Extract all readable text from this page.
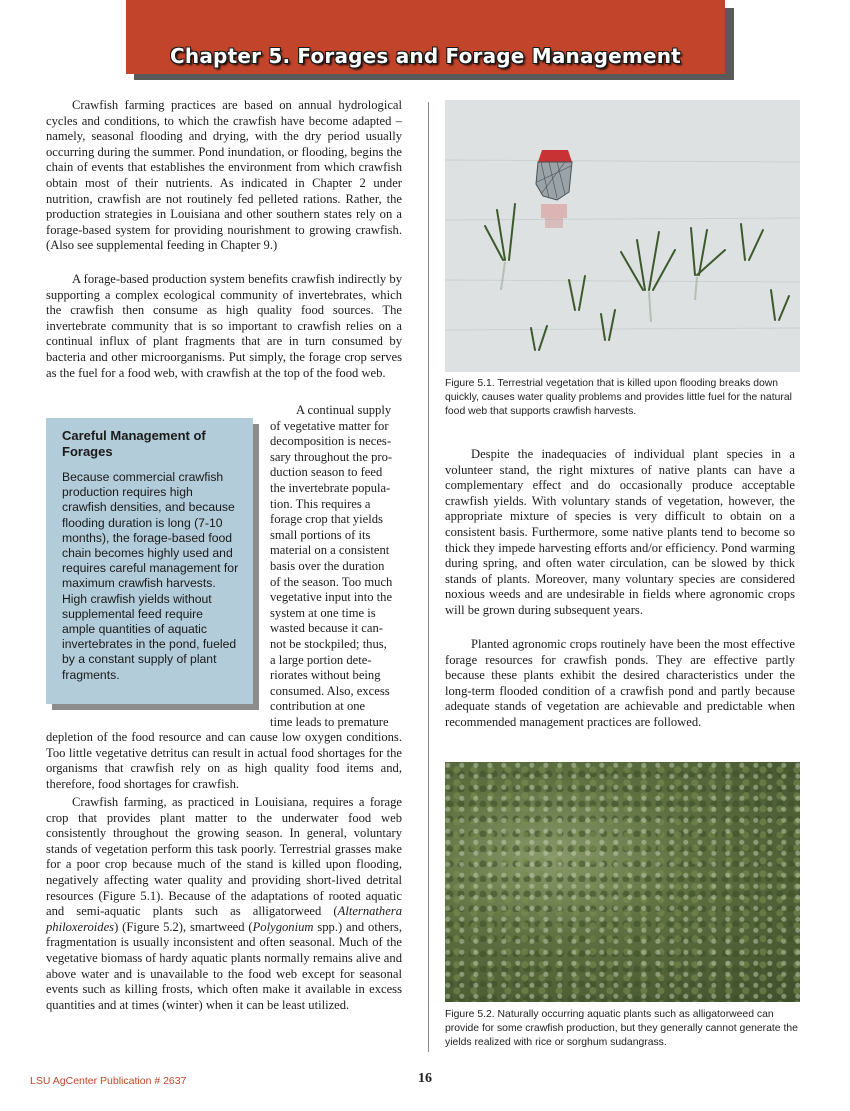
Chapter 5. Forages and Forage Management

Crawfish farming practices are based on annual hydrological cycles and conditions, to which the crawfish have become adapted – namely, seasonal flooding and drying, with the dry period usually occurring during the summer. Pond inundation, or flooding, begins the chain of events that establishes the environment from which crawfish obtain most of their nutrients. As indicated in Chapter 2 under nutrition, crawfish are not routinely fed pelleted rations. Rather, the production strategies in Louisiana and other southern states rely on a forage-based system for providing nourishment to growing crawfish. (Also see supplemental feeding in Chapter 9.)

A forage-based production system benefits crawfish indirectly by supporting a complex ecological community of invertebrates, which the crawfish then consume as high quality food sources. The invertebrate community that is so important to crawfish relies on a continual influx of plant fragments that are in turn consumed by bacteria and other microorganisms. Put simply, the forage crop serves as the fuel for a food web, with crawfish at the top of the food web.

A continual supply
of vegetative matter for
decomposition is neces-
sary throughout the pro-
duction season to feed
the invertebrate popula-
tion. This requires a
forage crop that yields
small portions of its
material on a consistent
basis over the duration
of the season. Too much
vegetative input into the
system at one time is
wasted because it can-
not be stockpiled; thus,
a large portion dete-
riorates without being
consumed. Also, excess
contribution at one
time leads to premature

Careful Management of Forages

Because commercial crawfish production requires high crawfish densities, and because flooding duration is long (7-10 months), the forage-based food chain becomes highly used and requires careful management for maximum crawfish harvests. High crawfish yields without supplemental feed require ample quantities of aquatic invertebrates in the pond, fueled by a constant supply of plant fragments.

depletion of the food resource and can cause low oxygen conditions. Too little vegetative detritus can result in actual food shortages for the organisms that crawfish rely on as high quality food items and, therefore, food shortages for crawfish.

Crawfish farming, as practiced in Louisiana, requires a forage crop that provides plant matter to the underwater food web consistently throughout the growing season. In general, voluntary stands of vegetation perform this task poorly. Terrestrial grasses make for a poor crop because much of the stand is killed upon flooding, negatively affecting water quality and providing short-lived detrital resources (Figure 5.1). Because of the adaptations of rooted aquatic and semi-aquatic plants such as alligatorweed (Alternathera philoxeroides) (Figure 5.2), smartweed (Polygonium spp.) and others, fragmentation is usually inconsistent and often seasonal. Much of the vegetative biomass of hardy aquatic plants normally remains alive and above water and is unavailable to the food web except for seasonal events such as killing frosts, which often make it available in excess quantities and at times (winter) when it can be least utilized.

Figure 5.1. Terrestrial vegetation that is killed upon flooding breaks down quickly, causes water quality problems and provides little fuel for the natural food web that supports crawfish harvests.

Despite the inadequacies of individual plant species in a volunteer stand, the right mixtures of native plants can have a complementary effect and do occasionally produce acceptable crawfish yields. With voluntary stands of vegetation, however, the appropriate mixture of species is very difficult to obtain on a consistent basis. Furthermore, some native plants tend to become so thick they impede harvesting efforts and/or efficiency. Pond warming during spring, and often water circulation, can be slowed by thick stands of plants. Moreover, many voluntary species are considered noxious weeds and are undesirable in fields where agronomic crops will be grown during subsequent years.

Planted agronomic crops routinely have been the most effective forage resources for crawfish ponds. They are effective partly because these plants exhibit the desired characteristics under the long-term flooded condition of a crawfish pond and partly because adequate stands of vegetation are achievable and predictable when recommended management practices are followed.

Figure 5.2. Naturally occurring aquatic plants such as alligatorweed can provide for some crawfish production, but they generally cannot generate the yields realized with rice or sorghum sudangrass.

LSU AgCenter Publication # 2637	16
